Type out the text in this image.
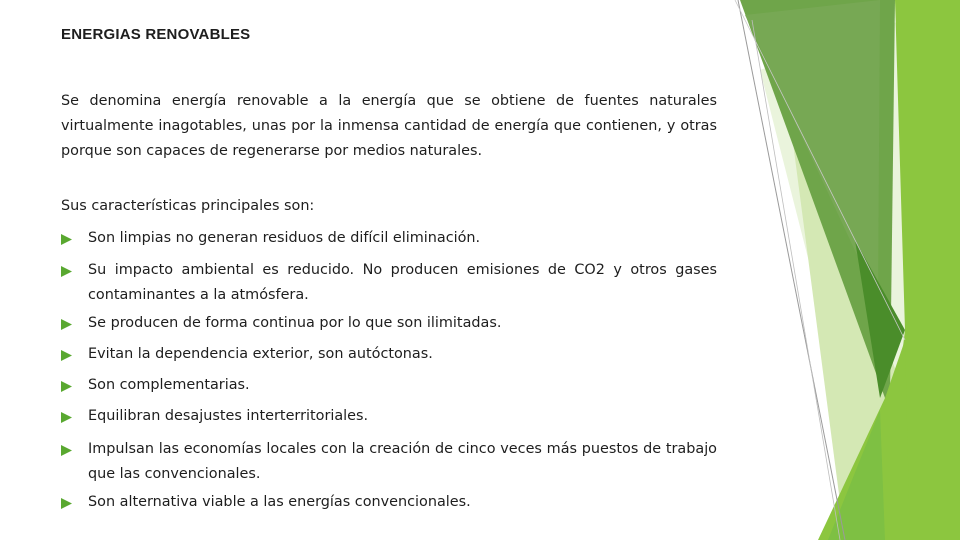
ENERGIAS RENOVABLES
Se denomina energía renovable a la energía que se obtiene de fuentes naturales virtualmente inagotables, unas por la inmensa cantidad de energía que contienen, y otras porque son capaces de regenerarse por medios naturales.
Sus características principales son:
Son limpias no generan residuos de difícil eliminación.
Su impacto ambiental es reducido. No producen emisiones de CO2 y otros gases contaminantes a la atmósfera.
Se producen de forma continua por lo que son ilimitadas.
Evitan la dependencia exterior, son autóctonas.
Son complementarias.
Equilibran desajustes interterritoriales.
Impulsan las economías locales con la creación de cinco veces más puestos de trabajo que las convencionales.
Son alternativa viable a las energías convencionales.
